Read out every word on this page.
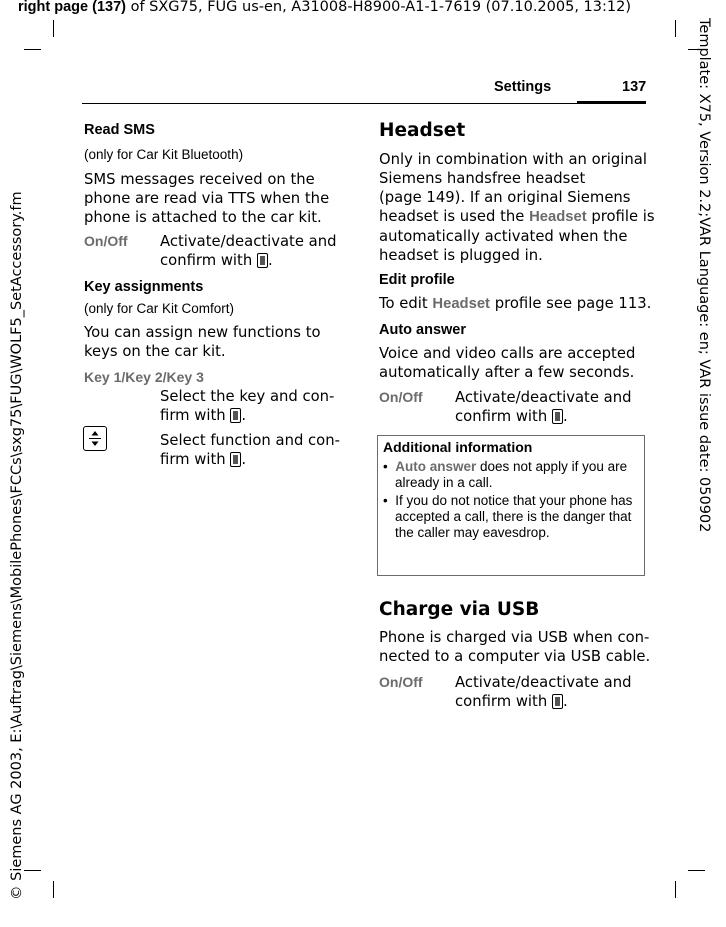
right page (137) of SXG75, FUG us-en, A31008-H8900-A1-1-7619 (07.10.2005, 13:12)
Template: X75, Version 2.2;VAR Language: en; VAR issue date: 050902
© Siemens AG 2003, E:\Auftrag\Siemens\MobilePhones\FCCs\sxg75\FUG\WOLF5_SetAccessory.fm
Settings	137
Read SMS
(only for Car Kit Bluetooth)
SMS messages received on the
phone are read via TTS when the
phone is attached to the car kit.
On/Off Activate/deactivate and
confirm with .
Key assignments
(only for Car Kit Comfort)
You can assign new functions to
keys on the car kit.
Key 1/Key 2/Key 3
Select the key and con-
firm with .
Select function and con-
firm with .
Headset
Only in combination with an original
Siemens handsfree headset
(page 149). If an original Siemens
headset is used the Headset profile is
automatically activated when the
headset is plugged in.
Edit profile
To edit Headset profile see page 113.
Auto answer
Voice and video calls are accepted
automatically after a few seconds.
On/Off Activate/deactivate and
confirm with .
Additional information
•  Auto answer does not apply if you are
already in a call.
•  If you do not notice that your phone has
accepted a call, there is the danger that
the caller may eavesdrop.
Charge via USB
Phone is charged via USB when con-
nected to a computer via USB cable.
On/Off Activate/deactivate and
confirm with .
